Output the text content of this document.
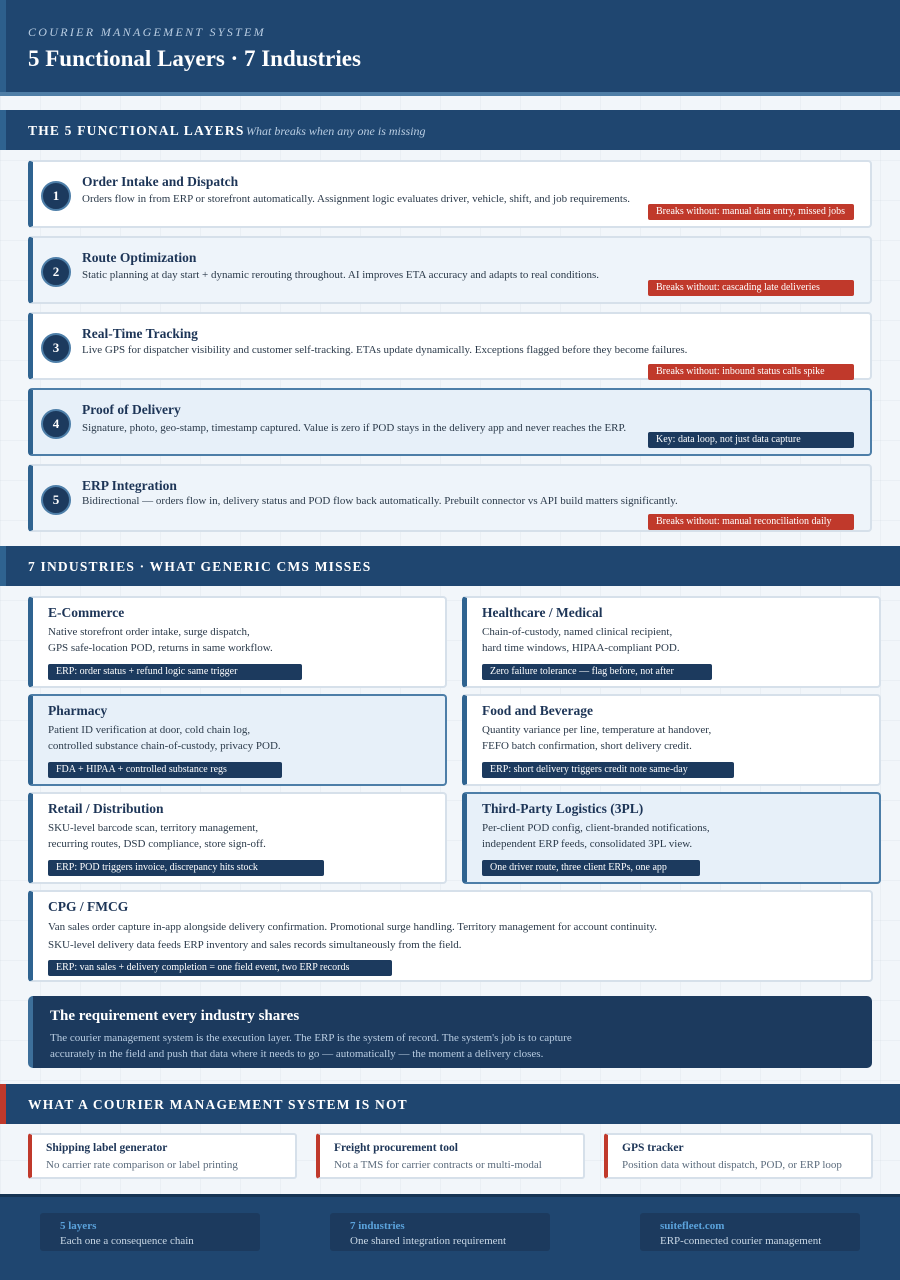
COURIER MANAGEMENT SYSTEM
5 Functional Layers · 7 Industries
THE 5 FUNCTIONAL LAYERS What breaks when any one is missing
1
Order Intake and Dispatch
Orders flow in from ERP or storefront automatically. Assignment logic evaluates driver, vehicle, shift, and job requirements.
Breaks without: manual data entry, missed jobs
2
Route Optimization
Static planning at day start + dynamic rerouting throughout. AI improves ETA accuracy and adapts to real conditions.
Breaks without: cascading late deliveries
3
Real-Time Tracking
Live GPS for dispatcher visibility and customer self-tracking. ETAs update dynamically. Exceptions flagged before they become failures.
Breaks without: inbound status calls spike
4
Proof of Delivery
Signature, photo, geo-stamp, timestamp captured. Value is zero if POD stays in the delivery app and never reaches the ERP.
Key: data loop, not just data capture
5
ERP Integration
Bidirectional — orders flow in, delivery status and POD flow back automatically. Prebuilt connector vs API build matters significantly.
Breaks without: manual reconciliation daily
7 INDUSTRIES · WHAT GENERIC CMS MISSES
E-Commerce
Native storefront order intake, surge dispatch,
GPS safe-location POD, returns in same workflow.
ERP: order status + refund logic same trigger
Healthcare / Medical
Chain-of-custody, named clinical recipient,
hard time windows, HIPAA-compliant POD.
Zero failure tolerance — flag before, not after
Pharmacy
Patient ID verification at door, cold chain log,
controlled substance chain-of-custody, privacy POD.
FDA + HIPAA + controlled substance regs
Food and Beverage
Quantity variance per line, temperature at handover,
FEFO batch confirmation, short delivery credit.
ERP: short delivery triggers credit note same-day
Retail / Distribution
SKU-level barcode scan, territory management,
recurring routes, DSD compliance, store sign-off.
ERP: POD triggers invoice, discrepancy hits stock
Third-Party Logistics (3PL)
Per-client POD config, client-branded notifications,
independent ERP feeds, consolidated 3PL view.
One driver route, three client ERPs, one app
CPG / FMCG
Van sales order capture in-app alongside delivery confirmation. Promotional surge handling. Territory management for account continuity.
SKU-level delivery data feeds ERP inventory and sales records simultaneously from the field.
ERP: van sales + delivery completion = one field event, two ERP records
The requirement every industry shares
The courier management system is the execution layer. The ERP is the system of record. The system's job is to capture
accurately in the field and push that data where it needs to go — automatically — the moment a delivery closes.
WHAT A COURIER MANAGEMENT SYSTEM IS NOT
Shipping label generator
No carrier rate comparison or label printing
Freight procurement tool
Not a TMS for carrier contracts or multi-modal
GPS tracker
Position data without dispatch, POD, or ERP loop
5 layers
Each one a consequence chain
7 industries
One shared integration requirement
suitefleet.com
ERP-connected courier management
